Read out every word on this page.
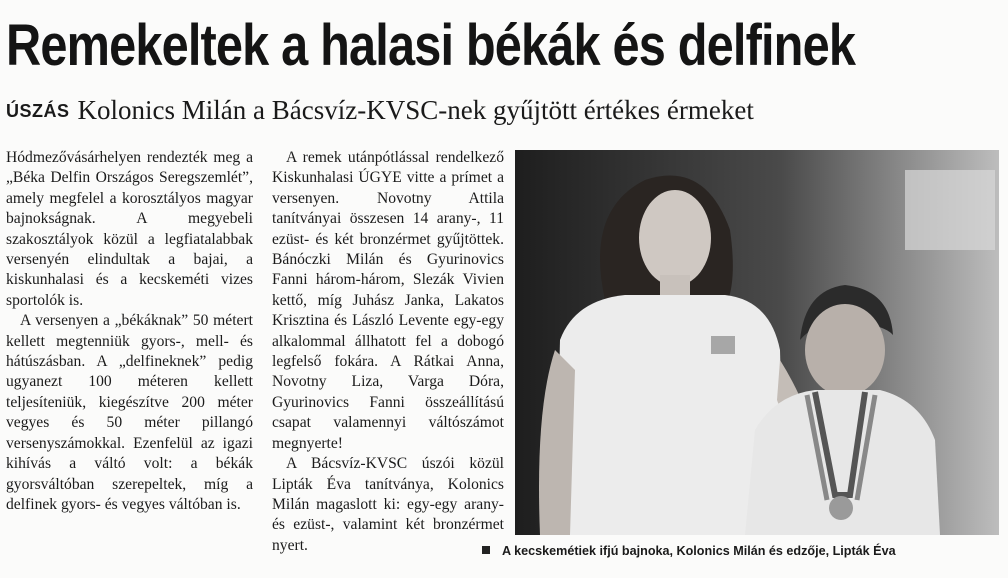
Remekeltek a halasi békák és delfinek
ÚSZÁS Kolonics Milán a Bácsvíz-KVSC-nek gyűjtött értékes érmeket

Hódmezővásárhelyen rendezték meg a „Béka Delfin Országos Seregszemlét”, amely megfelel a korosztályos magyar bajnokságnak. A megyebeli szakosztályok közül a legfiatalabbak versenyén elindultak a bajai, a kiskunhalasi és a kecskeméti vizes sportolók is.

A versenyen a „békáknak” 50 métert kellett megtenniük gyors-, mell- és hátúszásban. A „delfineknek” pedig ugyanezt 100 méteren kellett teljesíteniük, kiegészítve 200 méter vegyes és 50 méter pillangó versenyszámokkal. Ezenfelül az igazi kihívás a váltó volt: a békák gyorsváltóban szerepeltek, míg a delfinek gyors- és vegyes váltóban is.

A remek utánpótlással rendelkező Kiskunhalasi ÚGYE vitte a prímet a versenyen. Novotny Attila tanítványai összesen 14 arany-, 11 ezüst- és két bronzérmet gyűjtöttek. Bánóczki Milán és Gyurinovics Fanni három-három, Slezák Vivien kettő, míg Juhász Janka, Lakatos Krisztina és László Levente egy-egy alkalommal állhatott fel a dobogó legfelső fokára. A Rátkai Anna, Novotny Liza, Varga Dóra, Gyurinovics Fanni összeállítású csapat valamennyi váltószámot megnyerte!

A Bácsvíz-KVSC úszói közül Lipták Éva tanítványa, Kolonics Milán magaslott ki: egy-egy arany- és ezüst-, valamint két bronzérmet nyert.	A kecskemétiek ifjú bajnoka, Kolonics Milán és edzője, Lipták Éva
